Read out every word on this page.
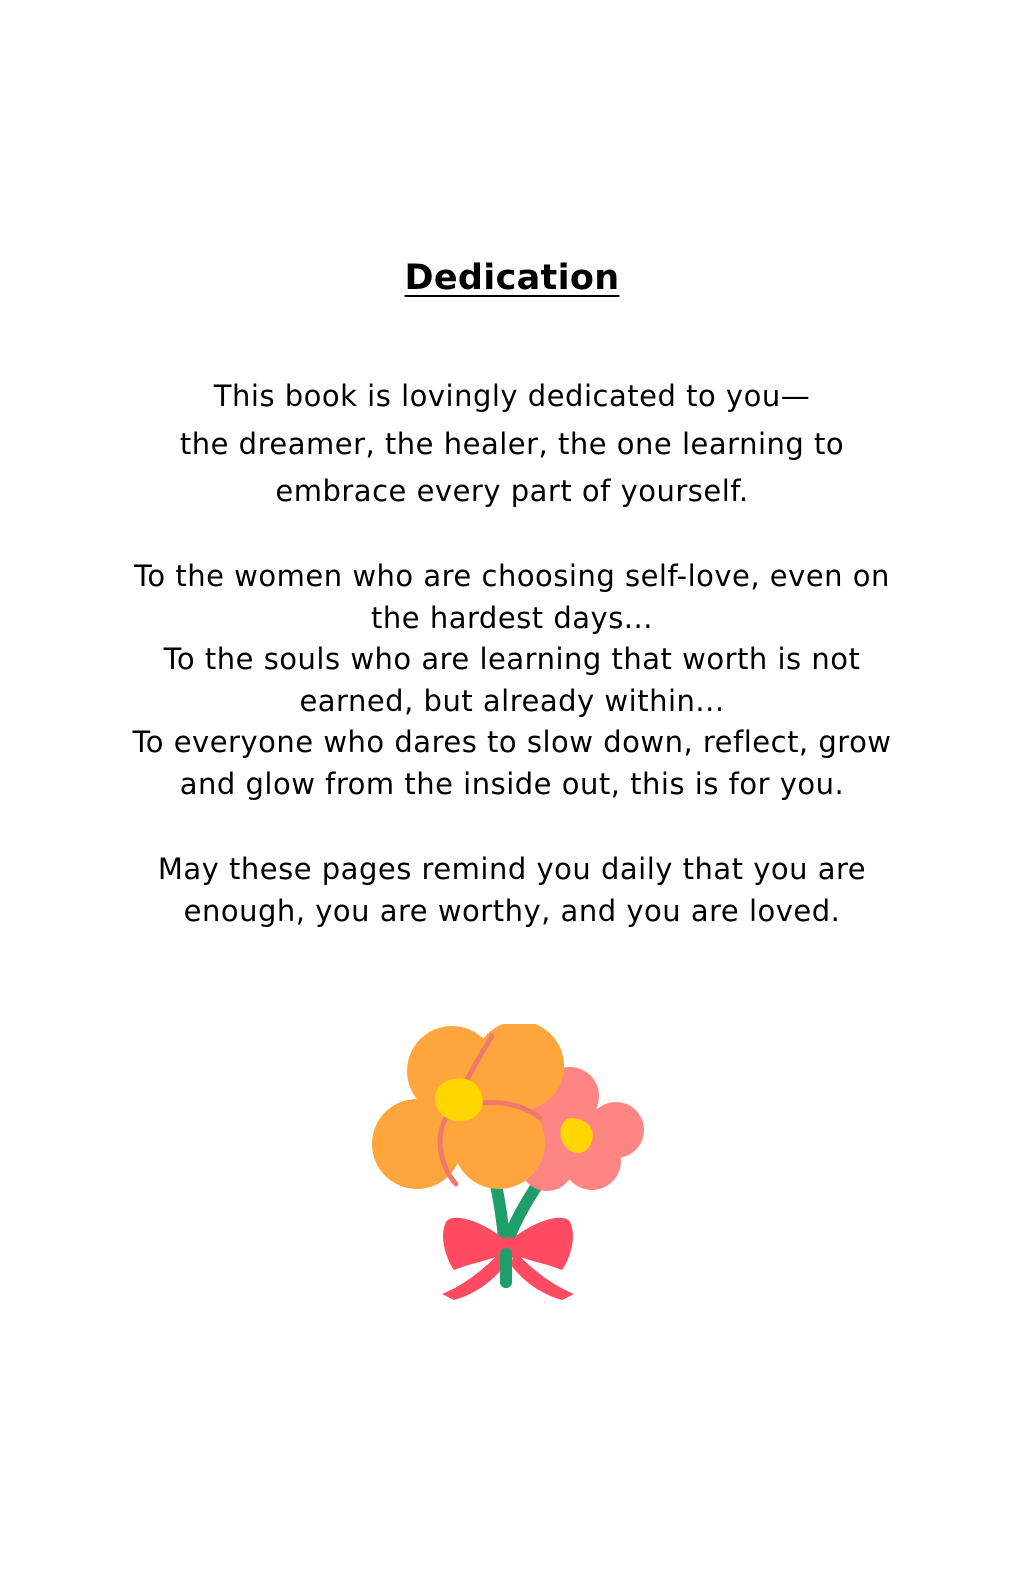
Dedication
This book is lovingly dedicated to you—
the dreamer, the healer, the one learning to
embrace every part of yourself.
To the women who are choosing self-love, even on
the hardest days...
To the souls who are learning that worth is not
earned, but already within...
To everyone who dares to slow down, reflect, grow
and glow from the inside out, this is for you.
May these pages remind you daily that you are
enough, you are worthy, and you are loved.
